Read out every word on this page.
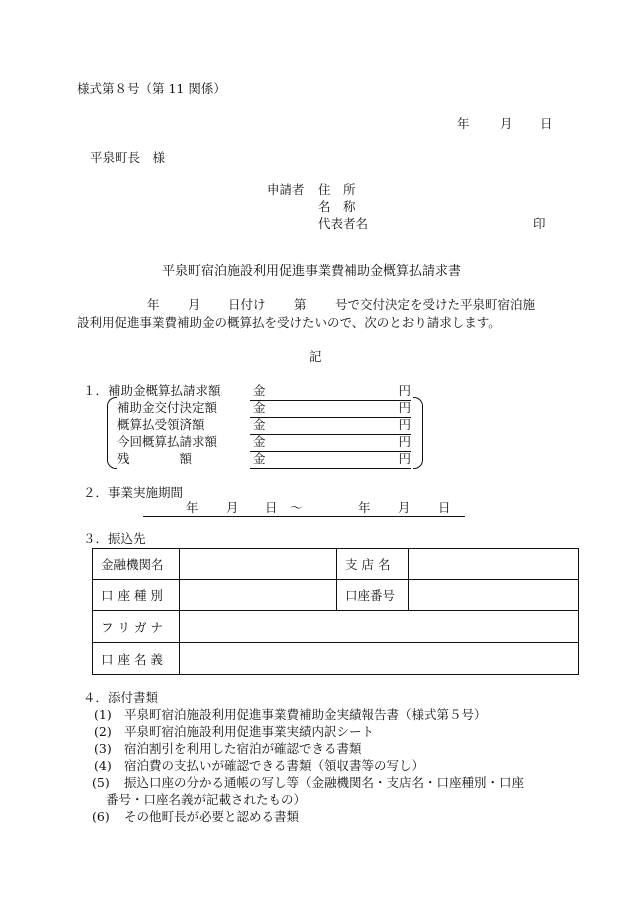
様式第８号（第 11 関係）
年 月 日
平泉町長　様
申請者 住　所
名　称
代表者名	印
平泉町宿泊施設利用促進事業費補助金概算払請求書
年 月 日付け 第 号で交付決定を受けた平泉町宿泊施
設利用促進事業費補助金の概算払を受けたいので、次のとおり請求します。
記
１．補助金概算払請求額	金	円
補助金交付決定額	金	円
概算払受領済額	金	円
今回概算払請求額	金	円
残　　　　額	金	円
２．事業実施期間
年 月 日 ～	年 月 日
３．振込先
金融機関名		支 店 名	
口 座 種 別		口座番号	
フ リ ガ ナ			
口 座 名 義			
４．添付書類
(1) 平泉町宿泊施設利用促進事業費補助金実績報告書（様式第５号）
(2) 平泉町宿泊施設利用促進事業実績内訳シート
(3) 宿泊割引を利用した宿泊が確認できる書類
(4) 宿泊費の支払いが確認できる書類（領収書等の写し）
(5) 振込口座の分かる通帳の写し等（金融機関名・支店名・口座種別・口座
番号・口座名義が記載されたもの）
(6) その他町長が必要と認める書類
